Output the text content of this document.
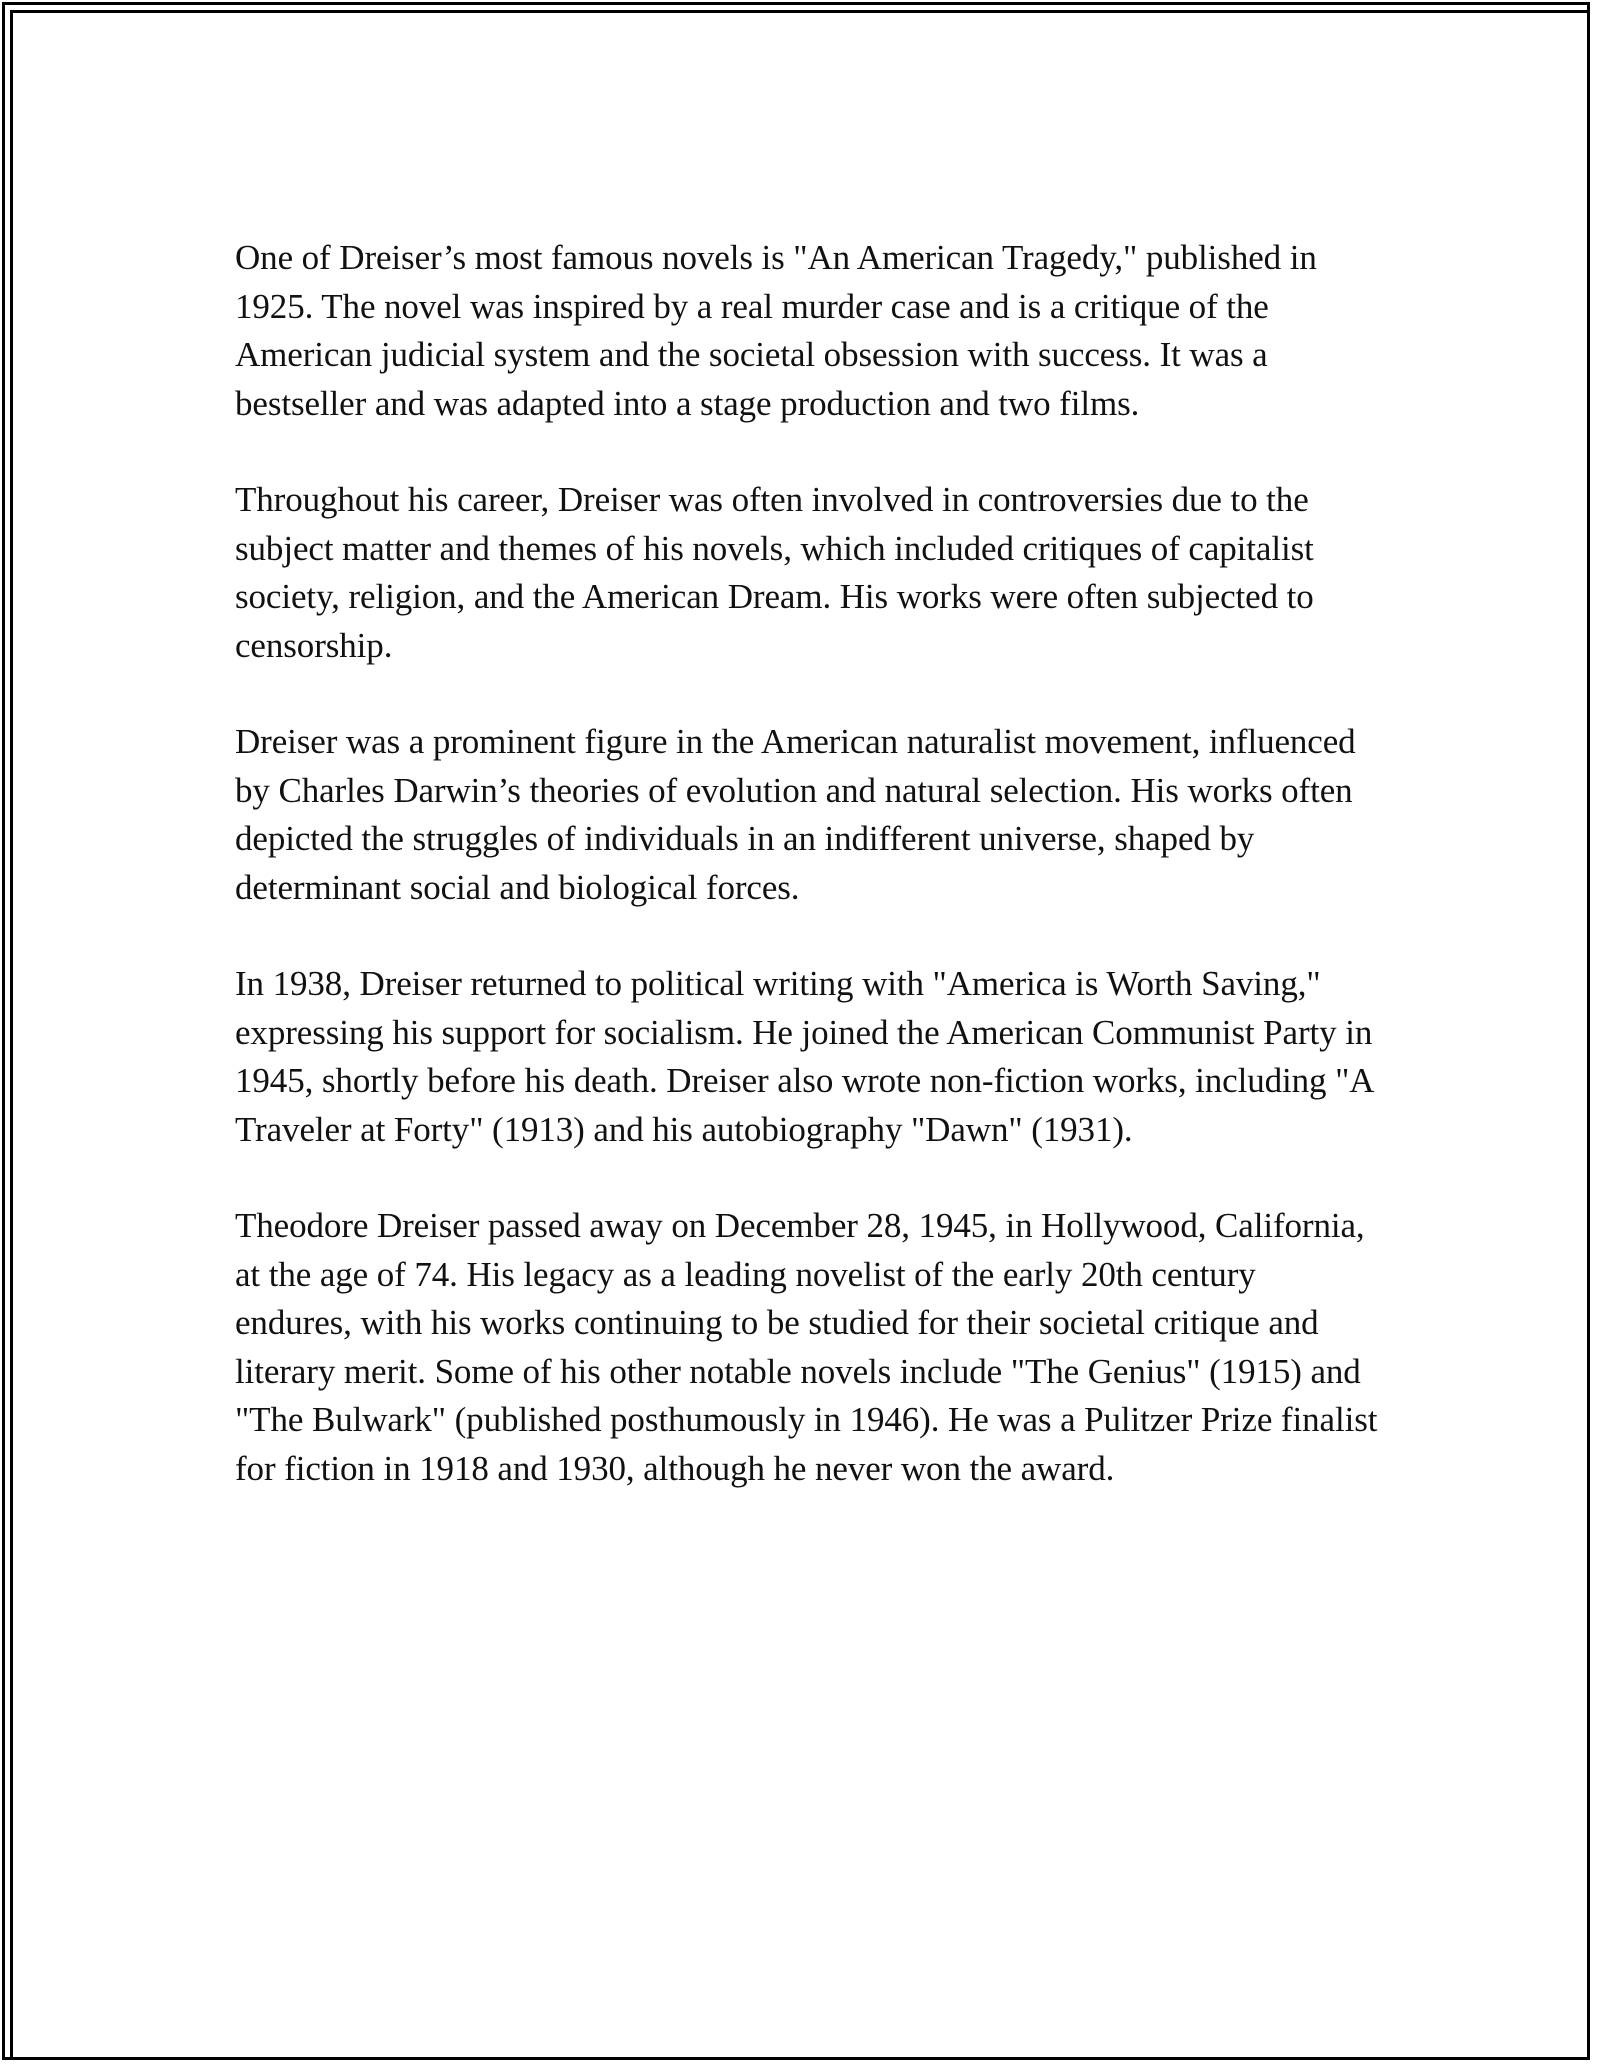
One of Dreiser’s most famous novels is "An American Tragedy," published in 1925. The novel was inspired by a real murder case and is a critique of the American judicial system and the societal obsession with success. It was a bestseller and was adapted into a stage production and two films.

Throughout his career, Dreiser was often involved in controversies due to the subject matter and themes of his novels, which included critiques of capitalist society, religion, and the American Dream. His works were often subjected to censorship.

Dreiser was a prominent figure in the American naturalist movement, influenced by Charles Darwin’s theories of evolution and natural selection. His works often depicted the struggles of individuals in an indifferent universe, shaped by determinant social and biological forces.

In 1938, Dreiser returned to political writing with "America is Worth Saving," expressing his support for socialism. He joined the American Communist Party in 1945, shortly before his death. Dreiser also wrote non-fiction works, including "A Traveler at Forty" (1913) and his autobiography "Dawn" (1931).

Theodore Dreiser passed away on December 28, 1945, in Hollywood, California, at the age of 74. His legacy as a leading novelist of the early 20th century endures, with his works continuing to be studied for their societal critique and literary merit. Some of his other notable novels include "The Genius" (1915) and "The Bulwark" (published posthumously in 1946). He was a Pulitzer Prize finalist for fiction in 1918 and 1930, although he never won the award.
